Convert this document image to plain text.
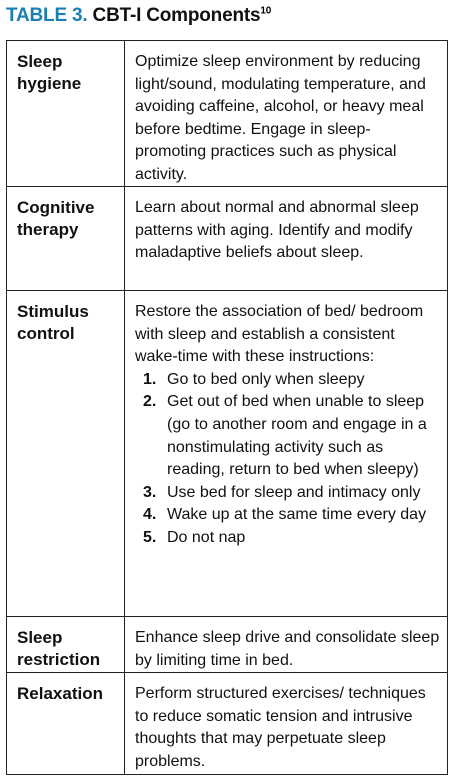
TABLE 3. CBT-I Components$^{10}$
Sleep hygiene

Optimize sleep environment by reducing light/sound, modulating temperature, and avoiding caffeine, alcohol, or heavy meal before bedtime. Engage in sleep-promoting practices such as physical activity.

Cognitive therapy

Learn about normal and abnormal sleep patterns with aging. Identify and modify maladaptive beliefs about sleep.

Stimulus control

Restore the association of bed/ bedroom with sleep and establish a consistent wake-time with these instructions:

1. Go to bed only when sleepy
2. Get out of bed when unable to sleep (go to another room and engage in a nonstimulating activity such as reading, return to bed when sleepy)
3. Use bed for sleep and intimacy only
4. Wake up at the same time every day
5. Do not nap
Sleep restriction

Enhance sleep drive and consolidate sleep by limiting time in bed.

Relaxation	Perform structured exercises/ techniques to reduce somatic tension and intrusive thoughts that may perpetuate sleep problems.
